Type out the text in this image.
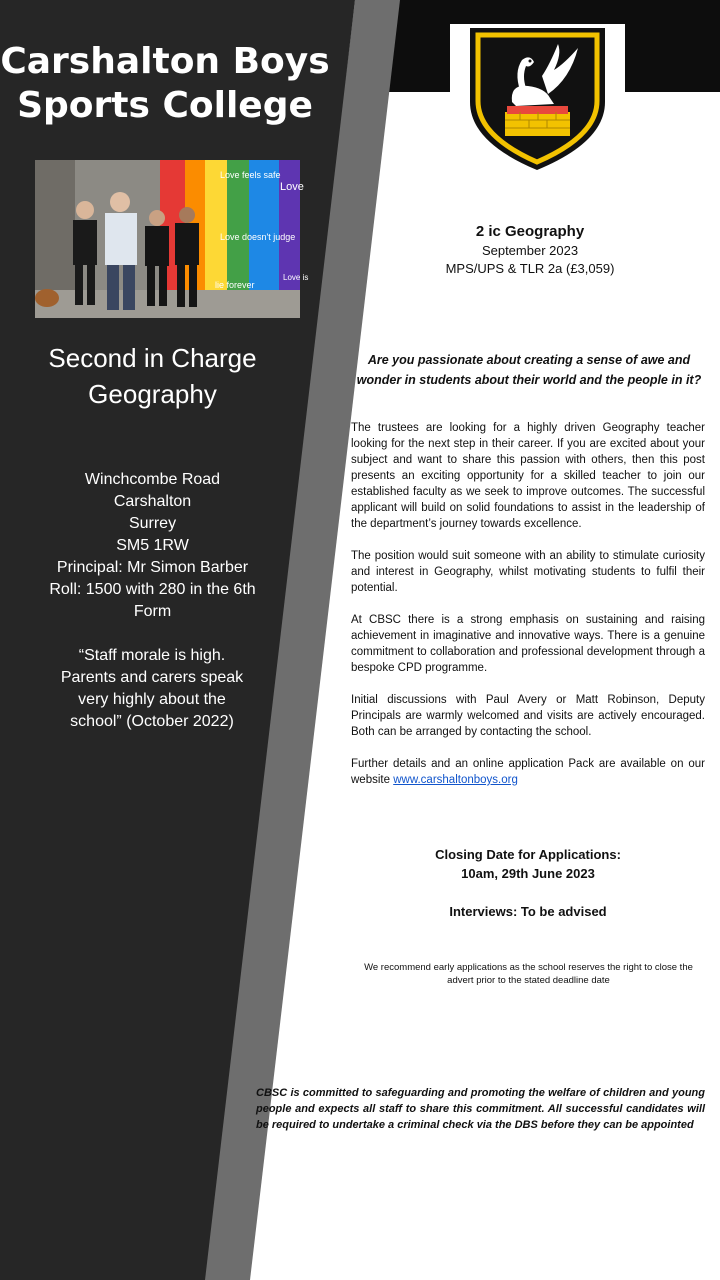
Carshalton Boys Sports College
Love feels safe
Love
Love doesn't judge
Love is
lie forever
Second in Charge Geography
Winchcombe Road
Carshalton
Surrey
SM5 1RW
Principal: Mr Simon Barber
Roll: 1500 with 280 in the 6th Form
“Staff morale is high. Parents and carers speak very highly about the school” (October 2022)
2 ic Geography
September 2023
MPS/UPS & TLR 2a (£3,059)
Are you passionate about creating a sense of awe and wonder in students about their world and the people in it?

The trustees are looking for a highly driven Geography teacher looking for the next step in their career. If you are excited about your subject and want to share this passion with others, then this post presents an exciting opportunity for a skilled teacher to join our established faculty as we seek to improve outcomes. The successful applicant will build on solid foundations to assist in the leadership of the department’s journey towards excellence.

The position would suit someone with an ability to stimulate curiosity and interest in Geography, whilst motivating students to fulfil their potential.

At CBSC there is a strong emphasis on sustaining and raising achievement in imaginative and innovative ways. There is a genuine commitment to collaboration and professional development through a bespoke CPD programme.

Initial discussions with Paul Avery or Matt Robinson, Deputy Principals are warmly welcomed and visits are actively encouraged. Both can be arranged by contacting the school.

Further details and an online application Pack are available on our website www.carshaltonboys.org

Closing Date for Applications:
10am, 29th June 2023
Interviews: To be advised
We recommend early applications as the school reserves the right to close the advert prior to the stated deadline date
CBSC is committed to safeguarding and promoting the welfare of children and young people and expects all staff to share this commitment. All successful candidates will be required to undertake a criminal check via the DBS before they can be appointed
